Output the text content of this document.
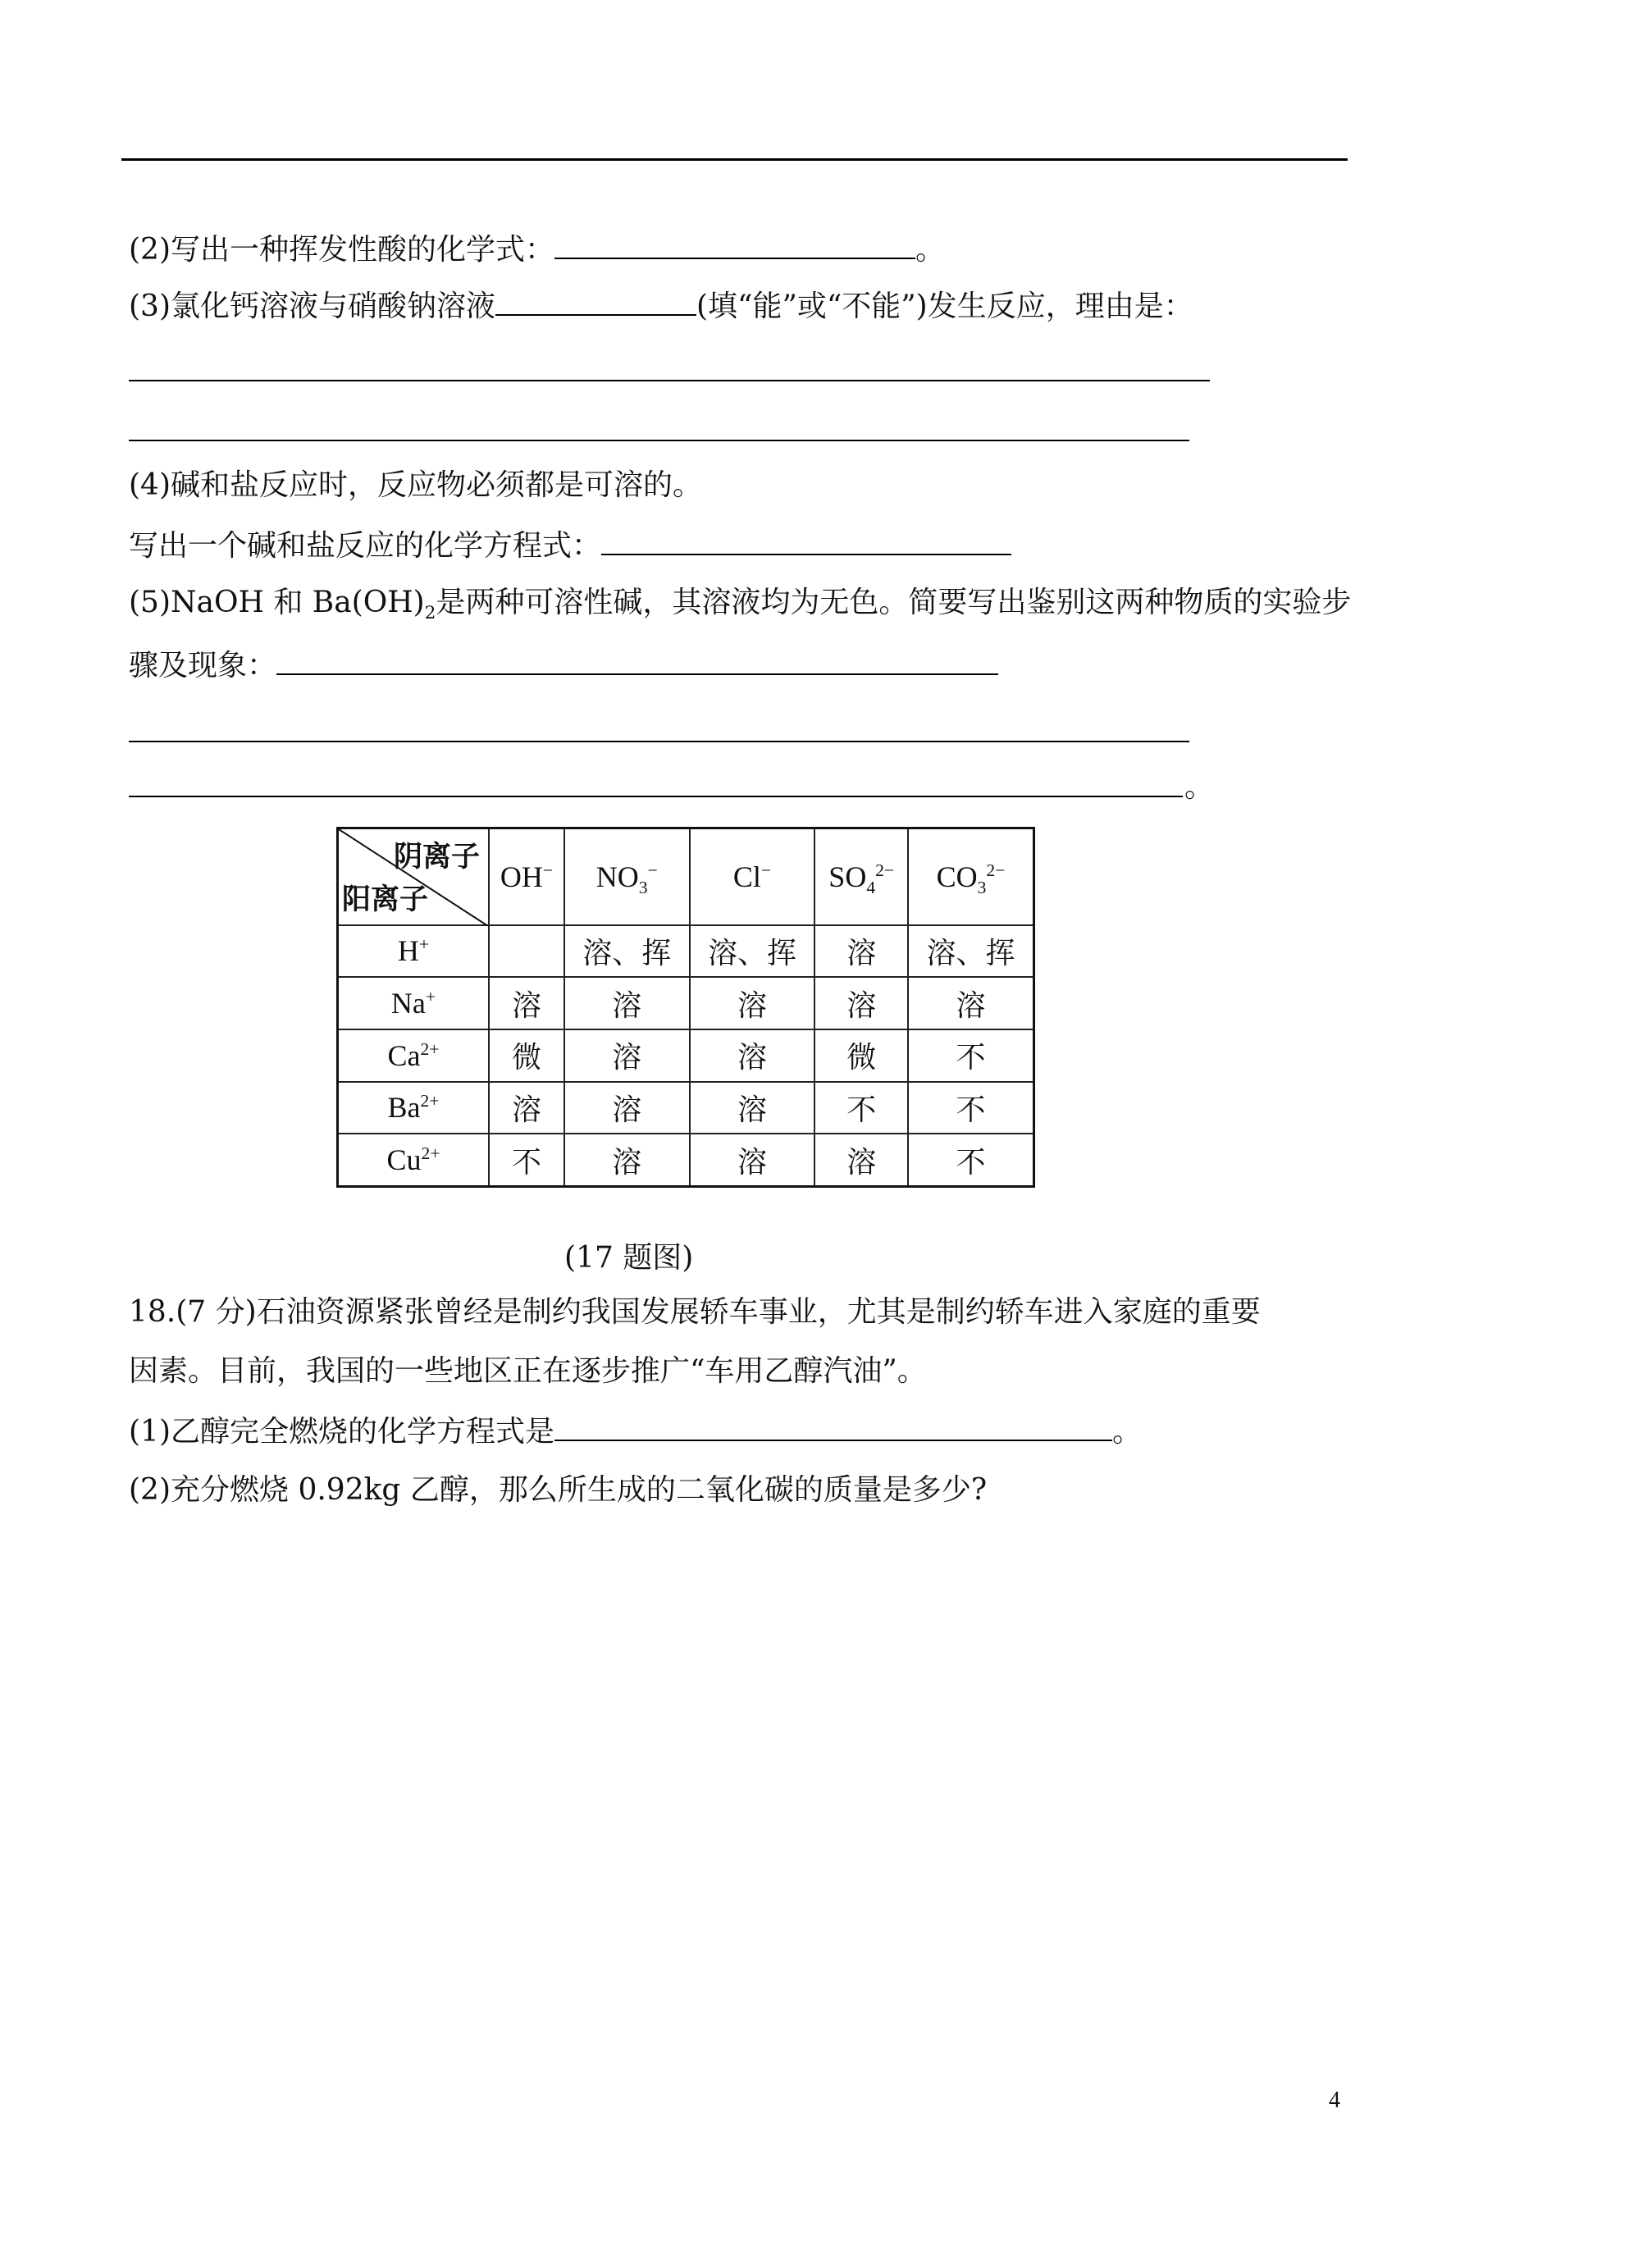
(2)写出一种挥发性酸的化学式：	。
(3)氯化钙溶液与硝酸钠溶液	(填“能”或“不能”)发生反应，理由是：
(4)碱和盐反应时，反应物必须都是可溶的。
写出一个碱和盐反应的化学方程式：
(5)NaOH 和 $Ba(OH)_2$是两种可溶性碱，其溶液均为无色。简要写出鉴别这两种物质的实验步
骤及现象：
。
阴离子
阳离子	OH−	$NO_3^-$	Cl−	$SO_4^{2-}$	$CO_3^{2-}$
H+		溶、挥	溶、挥	溶	溶、挥
Na+	溶	溶	溶	溶	溶
$Ca^{2+}$	微	溶	溶	微	不
$Ba^{2+}$	溶	溶	溶	不	不
$Cu^{2+}$	不	溶	溶	溶	不
(17 题图)
18.(7 分)石油资源紧张曾经是制约我国发展轿车事业，尤其是制约轿车进入家庭的重要
因素。目前，我国的一些地区正在逐步推广“车用乙醇汽油”。
(1)乙醇完全燃烧的化学方程式是	。
(2)充分燃烧 0.92kg 乙醇，那么所生成的二氧化碳的质量是多少?
4
